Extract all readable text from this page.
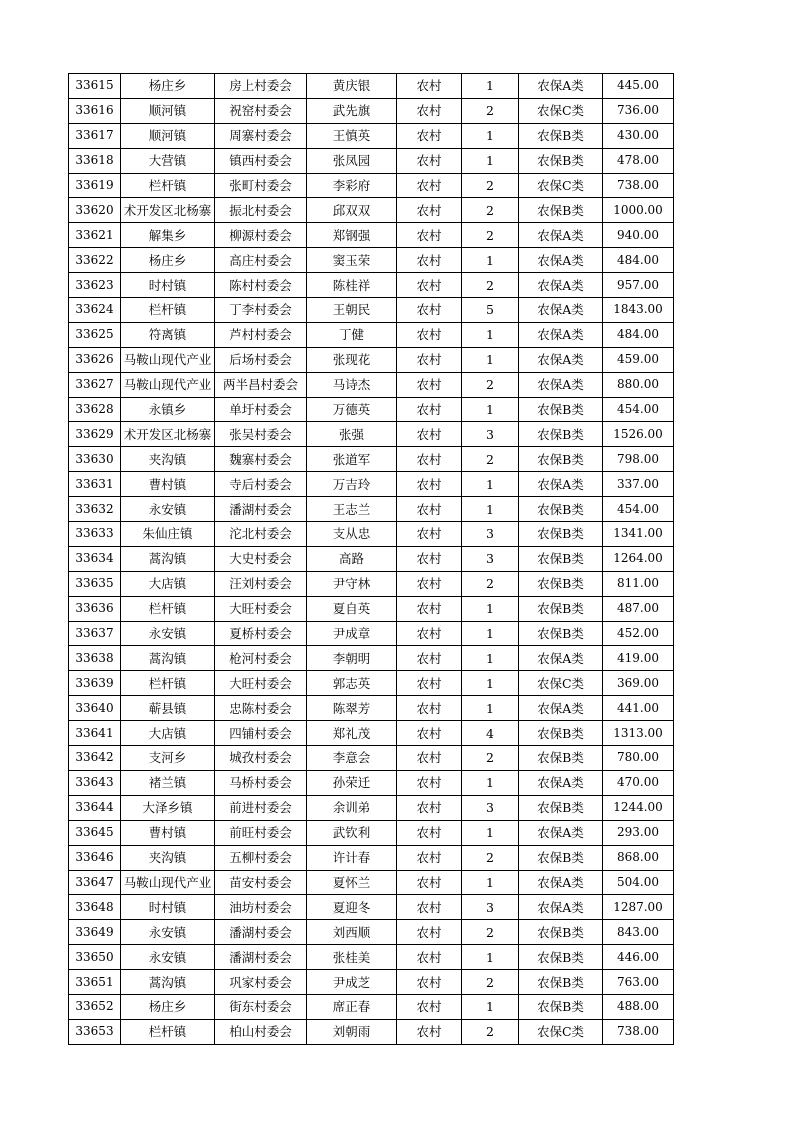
33615	杨庄乡	房上村委会	黄庆银	农村	1	农保A类	445.00
33616	顺河镇	祝窑村委会	武先旗	农村	2	农保C类	736.00
33617	顺河镇	周寨村委会	王慎英	农村	1	农保B类	430.00
33618	大营镇	镇西村委会	张凤园	农村	1	农保B类	478.00
33619	栏杆镇	张町村委会	李彩府	农村	2	农保C类	738.00
33620	术开发区北杨寨	振北村委会	邱双双	农村	2	农保B类	1000.00
33621	解集乡	柳源村委会	郑钢强	农村	2	农保A类	940.00
33622	杨庄乡	高庄村委会	窦玉荣	农村	1	农保A类	484.00
33623	时村镇	陈村村委会	陈桂祥	农村	2	农保A类	957.00
33624	栏杆镇	丁李村委会	王朝民	农村	5	农保A类	1843.00
33625	符离镇	芦村村委会	丁健	农村	1	农保A类	484.00
33626	马鞍山现代产业	后场村委会	张现花	农村	1	农保A类	459.00
33627	马鞍山现代产业	两半昌村委会	马诗杰	农村	2	农保A类	880.00
33628	永镇乡	单圩村委会	万德英	农村	1	农保B类	454.00
33629	术开发区北杨寨	张吴村委会	张强	农村	3	农保B类	1526.00
33630	夹沟镇	魏寨村委会	张道军	农村	2	农保B类	798.00
33631	曹村镇	寺后村委会	万吉玲	农村	1	农保A类	337.00
33632	永安镇	潘湖村委会	王志兰	农村	1	农保B类	454.00
33633	朱仙庄镇	沱北村委会	支从忠	农村	3	农保B类	1341.00
33634	蒿沟镇	大史村委会	高路	农村	3	农保B类	1264.00
33635	大店镇	汪刘村委会	尹守林	农村	2	农保B类	811.00
33636	栏杆镇	大旺村委会	夏自英	农村	1	农保B类	487.00
33637	永安镇	夏桥村委会	尹成章	农村	1	农保B类	452.00
33638	蒿沟镇	枪河村委会	李朝明	农村	1	农保A类	419.00
33639	栏杆镇	大旺村委会	郭志英	农村	1	农保C类	369.00
33640	蕲县镇	忠陈村委会	陈翠芳	农村	1	农保A类	441.00
33641	大店镇	四铺村委会	郑礼茂	农村	4	农保B类	1313.00
33642	支河乡	城孜村委会	李意会	农村	2	农保B类	780.00
33643	褚兰镇	马桥村委会	孙荣迁	农村	1	农保A类	470.00
33644	大泽乡镇	前进村委会	余训弟	农村	3	农保B类	1244.00
33645	曹村镇	前旺村委会	武钦利	农村	1	农保A类	293.00
33646	夹沟镇	五柳村委会	许计春	农村	2	农保B类	868.00
33647	马鞍山现代产业	苗安村委会	夏怀兰	农村	1	农保A类	504.00
33648	时村镇	油坊村委会	夏迎冬	农村	3	农保A类	1287.00
33649	永安镇	潘湖村委会	刘西顺	农村	2	农保B类	843.00
33650	永安镇	潘湖村委会	张桂美	农村	1	农保B类	446.00
33651	蒿沟镇	巩家村委会	尹成芝	农村	2	农保B类	763.00
33652	杨庄乡	街东村委会	席正春	农村	1	农保B类	488.00
33653	栏杆镇	柏山村委会	刘朝雨	农村	2	农保C类	738.00
